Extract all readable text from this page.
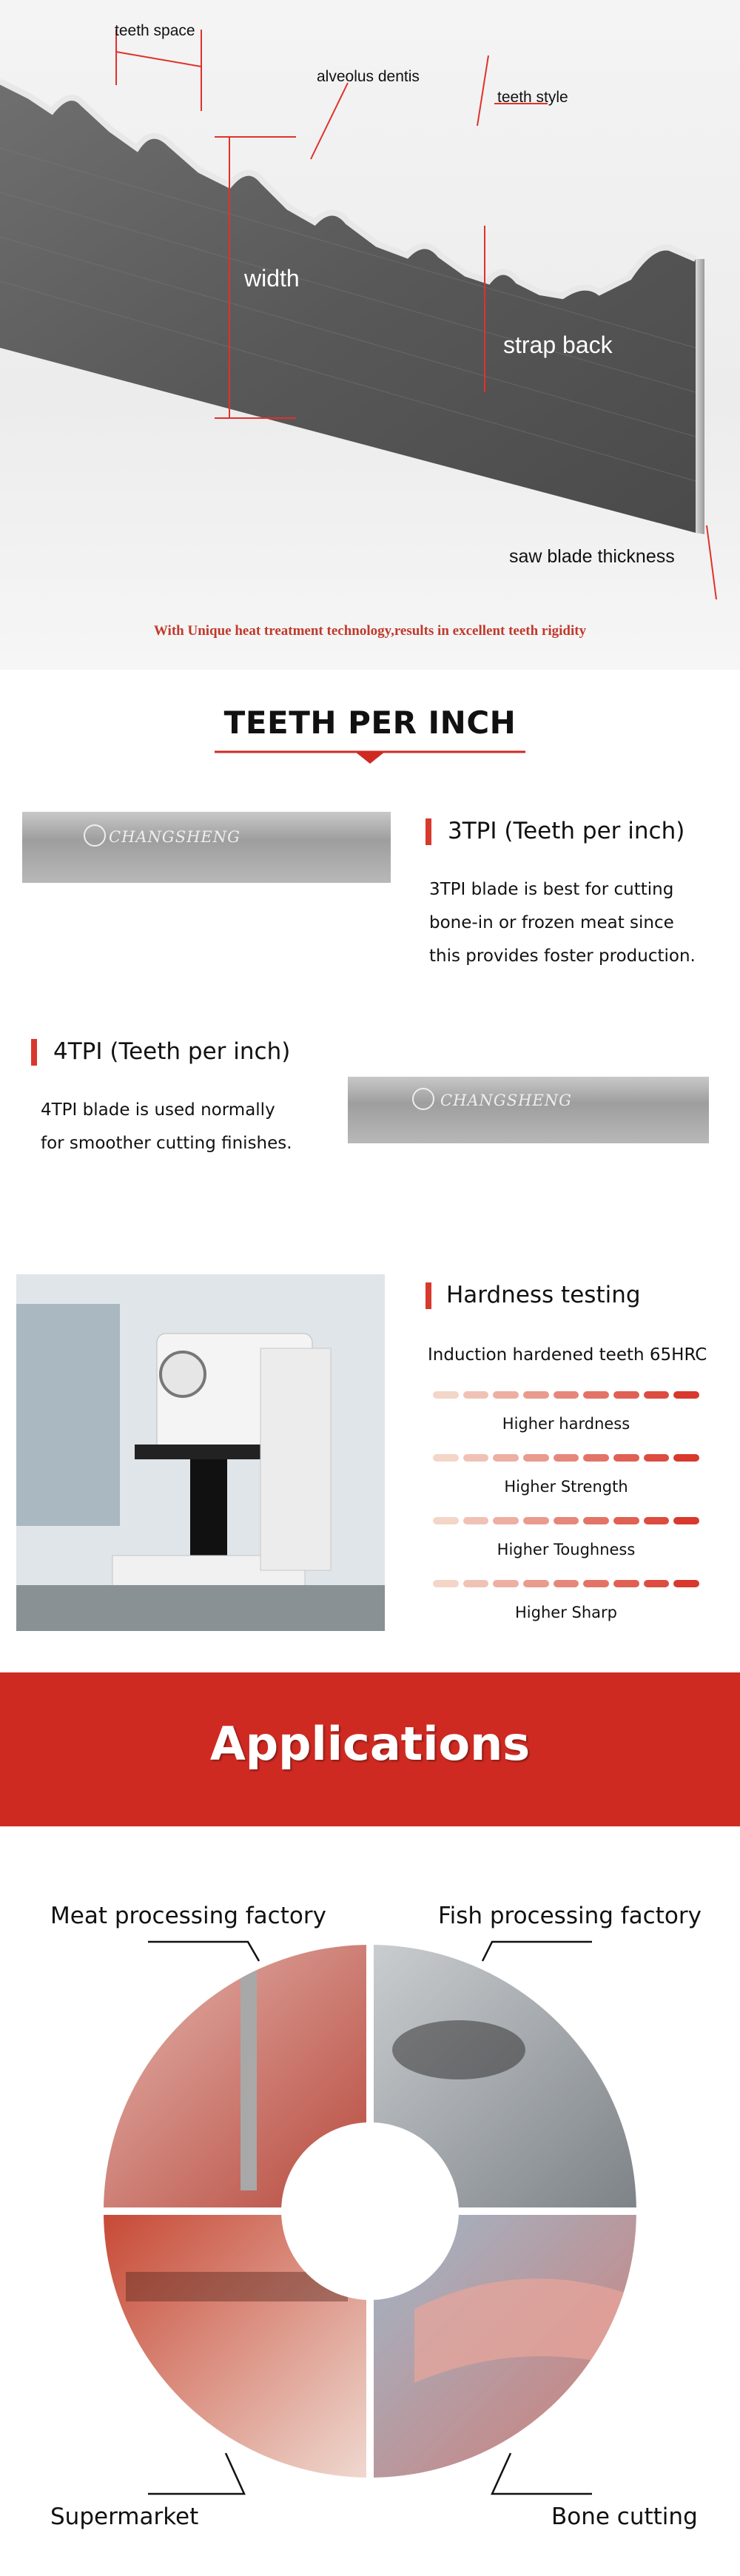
teeth space
alveolus dentis
teeth style
width
strap back
saw blade thickness
With Unique heat treatment technology,results in excellent teeth rigidity
TEETH PER INCH
CHANGSHENG	3TPI (Teeth per inch)
3TPI blade is best for cutting
bone-in or frozen meat since
this provides foster production.
4TPI (Teeth per inch)
4TPI blade is used normally
for smoother cutting finishes.
CHANGSHENG
Hardness testing
Induction hardened teeth 65HRC
Higher hardness
Higher Strength
Higher Toughness
Higher Sharp
Applications
Meat processing factory	Fish processing factory
Supermarket	Bone cutting
